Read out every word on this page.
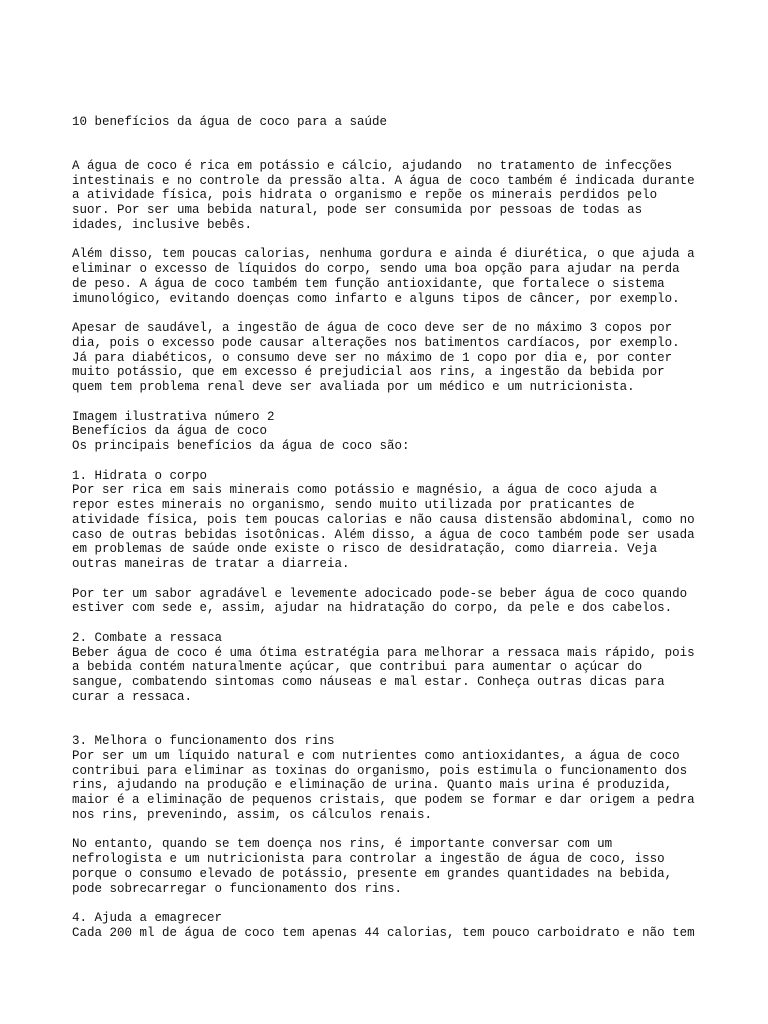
10 benefícios da água de coco para a saúde
A água de coco é rica em potássio e cálcio, ajudando  no tratamento de infecções
intestinais e no controle da pressão alta. A água de coco também é indicada durante
a atividade física, pois hidrata o organismo e repõe os minerais perdidos pelo
suor. Por ser uma bebida natural, pode ser consumida por pessoas de todas as
idades, inclusive bebês.
Além disso, tem poucas calorias, nenhuma gordura e ainda é diurética, o que ajuda a
eliminar o excesso de líquidos do corpo, sendo uma boa opção para ajudar na perda
de peso. A água de coco também tem função antioxidante, que fortalece o sistema
imunológico, evitando doenças como infarto e alguns tipos de câncer, por exemplo.
Apesar de saudável, a ingestão de água de coco deve ser de no máximo 3 copos por
dia, pois o excesso pode causar alterações nos batimentos cardíacos, por exemplo.
Já para diabéticos, o consumo deve ser no máximo de 1 copo por dia e, por conter
muito potássio, que em excesso é prejudicial aos rins, a ingestão da bebida por
quem tem problema renal deve ser avaliada por um médico e um nutricionista.
Imagem ilustrativa número 2
Benefícios da água de coco
Os principais benefícios da água de coco são:
1. Hidrata o corpo
Por ser rica em sais minerais como potássio e magnésio, a água de coco ajuda a
repor estes minerais no organismo, sendo muito utilizada por praticantes de
atividade física, pois tem poucas calorias e não causa distensão abdominal, como no
caso de outras bebidas isotônicas. Além disso, a água de coco também pode ser usada
em problemas de saúde onde existe o risco de desidratação, como diarreia. Veja
outras maneiras de tratar a diarreia.
Por ter um sabor agradável e levemente adocicado pode-se beber água de coco quando
estiver com sede e, assim, ajudar na hidratação do corpo, da pele e dos cabelos.
2. Combate a ressaca
Beber água de coco é uma ótima estratégia para melhorar a ressaca mais rápido, pois
a bebida contém naturalmente açúcar, que contribui para aumentar o açúcar do
sangue, combatendo sintomas como náuseas e mal estar. Conheça outras dicas para
curar a ressaca.
3. Melhora o funcionamento dos rins
Por ser um um líquido natural e com nutrientes como antioxidantes, a água de coco
contribui para eliminar as toxinas do organismo, pois estimula o funcionamento dos
rins, ajudando na produção e eliminação de urina. Quanto mais urina é produzida,
maior é a eliminação de pequenos cristais, que podem se formar e dar origem a pedra
nos rins, prevenindo, assim, os cálculos renais.
No entanto, quando se tem doença nos rins, é importante conversar com um
nefrologista e um nutricionista para controlar a ingestão de água de coco, isso
porque o consumo elevado de potássio, presente em grandes quantidades na bebida,
pode sobrecarregar o funcionamento dos rins.
4. Ajuda a emagrecer
Cada 200 ml de água de coco tem apenas 44 calorias, tem pouco carboidrato e não tem
